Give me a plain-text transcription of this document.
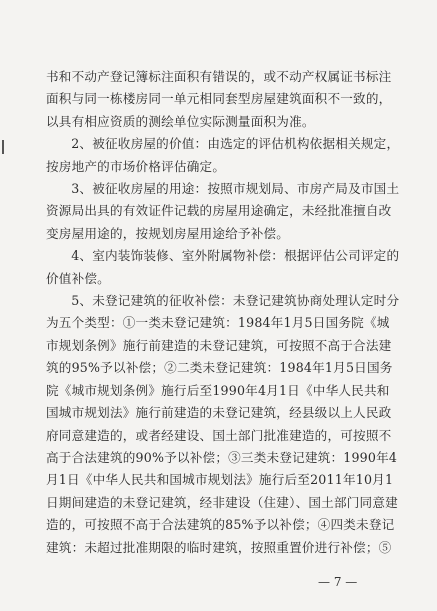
书和不动产登记簿标注面积有错误的，或不动产权属证书标注面积与同一栋楼房同一单元相同套型房屋建筑面积不一致的，以具有相应资质的测绘单位实际测量面积为准。

2、被征收房屋的价值：由选定的评估机构依据相关规定，按房地产的市场价格评估确定。

3、被征收房屋的用途：按照市规划局、市房产局及市国土资源局出具的有效证件记载的房屋用途确定，未经批准擅自改变房屋用途的，按规划房屋用途给予补偿。

4、室内装饰装修、室外附属物补偿：根据评估公司评定的价值补偿。

5、未登记建筑的征收补偿：未登记建筑协商处理认定时分为五个类型：①一类未登记建筑：1984年1月5日国务院《城市规划条例》施行前建造的未登记建筑，可按照不高于合法建筑的95%予以补偿；②二类未登记建筑：1984年1月5日国务院《城市规划条例》施行后至1990年4月1日《中华人民共和国城市规划法》施行前建造的未登记建筑，经县级以上人民政府同意建造的，或者经建设、国土部门批准建造的，可按照不高于合法建筑的90%予以补偿；③三类未登记建筑：1990年4月1日《中华人民共和国城市规划法》施行后至2011年10月1日期间建造的未登记建筑，经非建设（住建）、国土部门同意建造的，可按照不高于合法建筑的85%予以补偿；④四类未登记建筑：未超过批准期限的临时建筑，按照重置价进行补偿；⑤

— 7 —
